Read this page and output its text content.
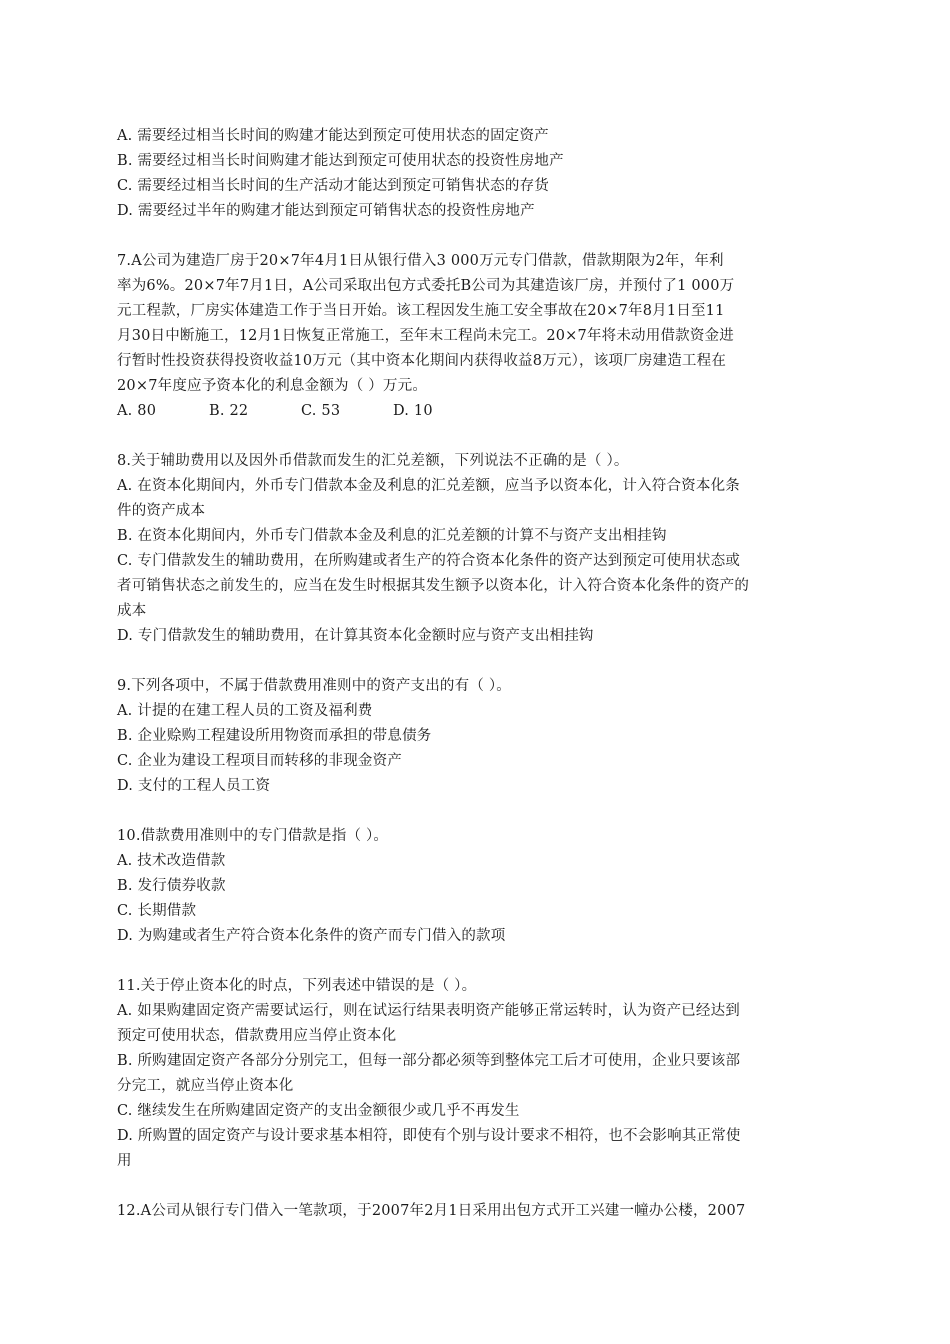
A. 需要经过相当长时间的购建才能达到预定可使用状态的固定资产
B. 需要经过相当长时间购建才能达到预定可使用状态的投资性房地产
C. 需要经过相当长时间的生产活动才能达到预定可销售状态的存货
D. 需要经过半年的购建才能达到预定可销售状态的投资性房地产
7.A公司为建造厂房于20×7年4月1日从银行借入3 000万元专门借款，借款期限为2年，年利
率为6%。20×7年7月1日，A公司采取出包方式委托B公司为其建造该厂房，并预付了1 000万
元工程款，厂房实体建造工作于当日开始。该工程因发生施工安全事故在20×7年8月1日至11
月30日中断施工，12月1日恢复正常施工，至年末工程尚未完工。20×7年将未动用借款资金进
行暂时性投资获得投资收益10万元（其中资本化期间内获得收益8万元），该项厂房建造工程在
20×7年度应予资本化的利息金额为（ ）万元。
A. 80	B. 22	C. 53	D. 10
8.关于辅助费用以及因外币借款而发生的汇兑差额，下列说法不正确的是（ ）。
A. 在资本化期间内，外币专门借款本金及利息的汇兑差额，应当予以资本化，计入符合资本化条
件的资产成本
B. 在资本化期间内，外币专门借款本金及利息的汇兑差额的计算不与资产支出相挂钩
C. 专门借款发生的辅助费用，在所购建或者生产的符合资本化条件的资产达到预定可使用状态或
者可销售状态之前发生的，应当在发生时根据其发生额予以资本化，计入符合资本化条件的资产的
成本
D. 专门借款发生的辅助费用，在计算其资本化金额时应与资产支出相挂钩
9.下列各项中，不属于借款费用准则中的资产支出的有（ ）。
A. 计提的在建工程人员的工资及福利费
B. 企业赊购工程建设所用物资而承担的带息债务
C. 企业为建设工程项目而转移的非现金资产
D. 支付的工程人员工资
10.借款费用准则中的专门借款是指（ ）。
A. 技术改造借款
B. 发行债券收款
C. 长期借款
D. 为购建或者生产符合资本化条件的资产而专门借入的款项
11.关于停止资本化的时点，下列表述中错误的是（ ）。
A. 如果购建固定资产需要试运行，则在试运行结果表明资产能够正常运转时，认为资产已经达到
预定可使用状态，借款费用应当停止资本化
B. 所购建固定资产各部分分别完工，但每一部分都必须等到整体完工后才可使用，企业只要该部
分完工，就应当停止资本化
C. 继续发生在所购建固定资产的支出金额很少或几乎不再发生
D. 所购置的固定资产与设计要求基本相符，即使有个别与设计要求不相符，也不会影响其正常使
用
12.A公司从银行专门借入一笔款项，于2007年2月1日采用出包方式开工兴建一幢办公楼，2007
